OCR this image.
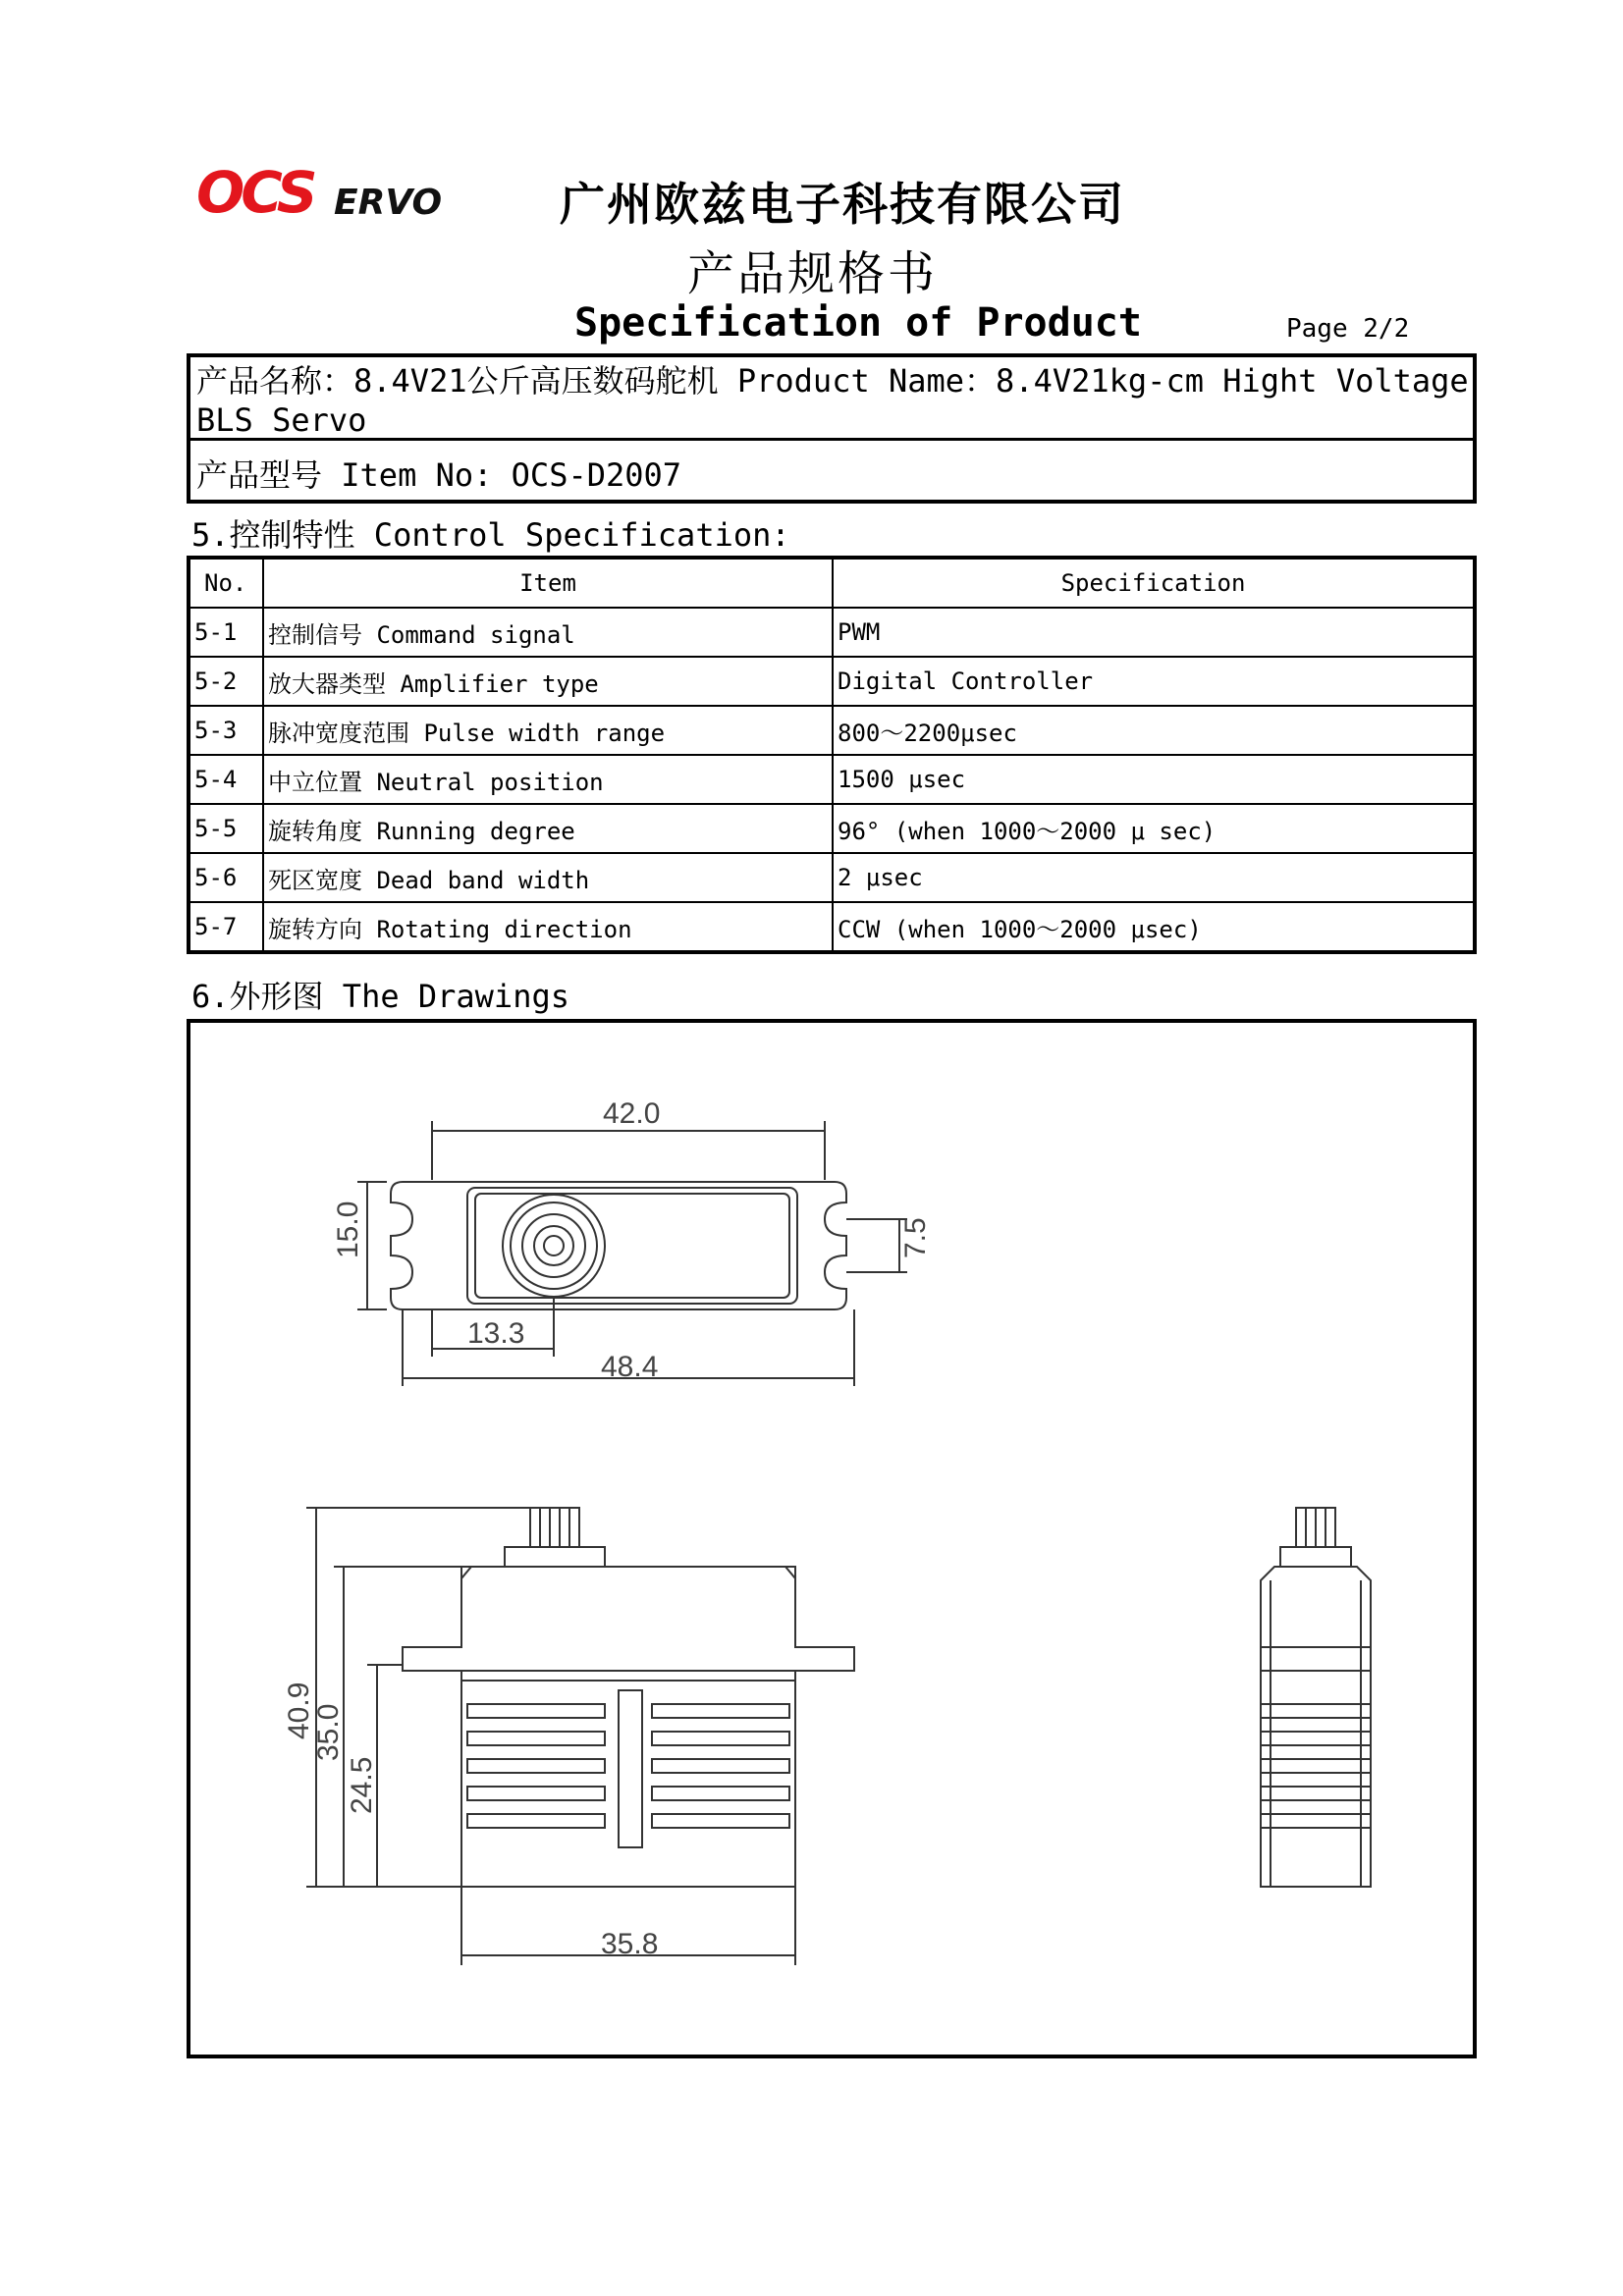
OCS ERVO	广州欧兹电子科技有限公司
产品规格书
Specification of Product	Page 2/2
产品名称：8.4V21公斤高压数码舵机 Product Name：8.4V21kg-cm Hight Voltage
BLS Servo
产品型号 Item No: OCS-D2007
5.控制特性 Control Specification:
No.	Item	Specification
5-1	控制信号 Command signal	PWM
5-2	放大器类型 Amplifier type	Digital Controller
5-3	脉冲宽度范围 Pulse width range	800～2200μsec
5-4	中立位置 Neutral position	1500 μsec
5-5	旋转角度 Running degree	96° (when 1000～2000 μ sec)
5-6	死区宽度 Dead band width	2 μsec
5-7	旋转方向 Rotating direction	CCW (when 1000～2000 μsec)
6.外形图 The Drawings
42.0
15.0	7.5
13.3
48.4
40.9
35.0
24.5
35.8
